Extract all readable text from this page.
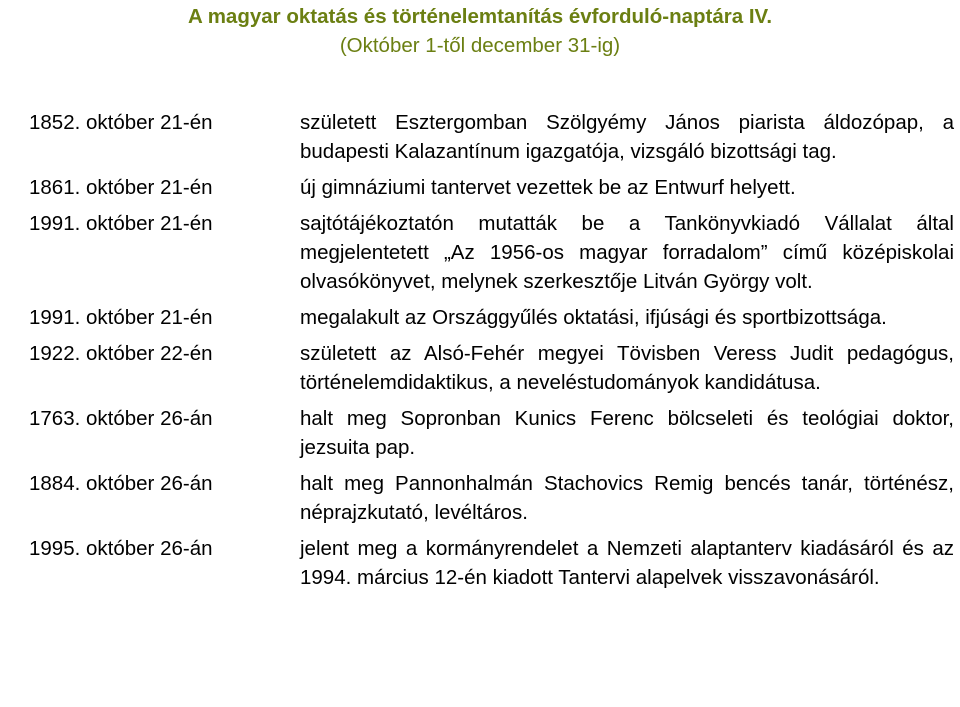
A magyar oktatás és történelemtanítás évforduló-naptára IV.
(Október 1-től december 31-ig)
1852. október 21-én	született Esztergomban Szölgyémy János piarista áldozópap, a budapesti Kalazantínum igazgatója, vizsgáló bizottsági tag.
1861. október 21-én	új gimnáziumi tantervet vezettek be az Entwurf helyett.
1991. október 21-én	sajtótájékoztatón mutatták be a Tankönyvkiadó Vállalat által megjelentetett „Az 1956-os magyar forradalom” című középiskolai olvasókönyvet, melynek szerkesztője Litván György volt.
1991. október 21-én	megalakult az Országgyűlés oktatási, ifjúsági és sportbizottsága.
1922. október 22-én	született az Alsó-Fehér megyei Tövisben Veress Judit pedagógus, történelemdidaktikus, a neveléstudományok kandidátusa.
1763. október 26-án	halt meg Sopronban Kunics Ferenc bölcseleti és teológiai doktor, jezsuita pap.
1884. október 26-án	halt meg Pannonhalmán Stachovics Remig bencés tanár, történész, néprajzkutató, levéltáros.
1995. október 26-án	jelent meg a kormányrendelet a Nemzeti alaptanterv kiadásáról és az 1994. március 12-én kiadott Tantervi alapelvek visszavonásáról.
